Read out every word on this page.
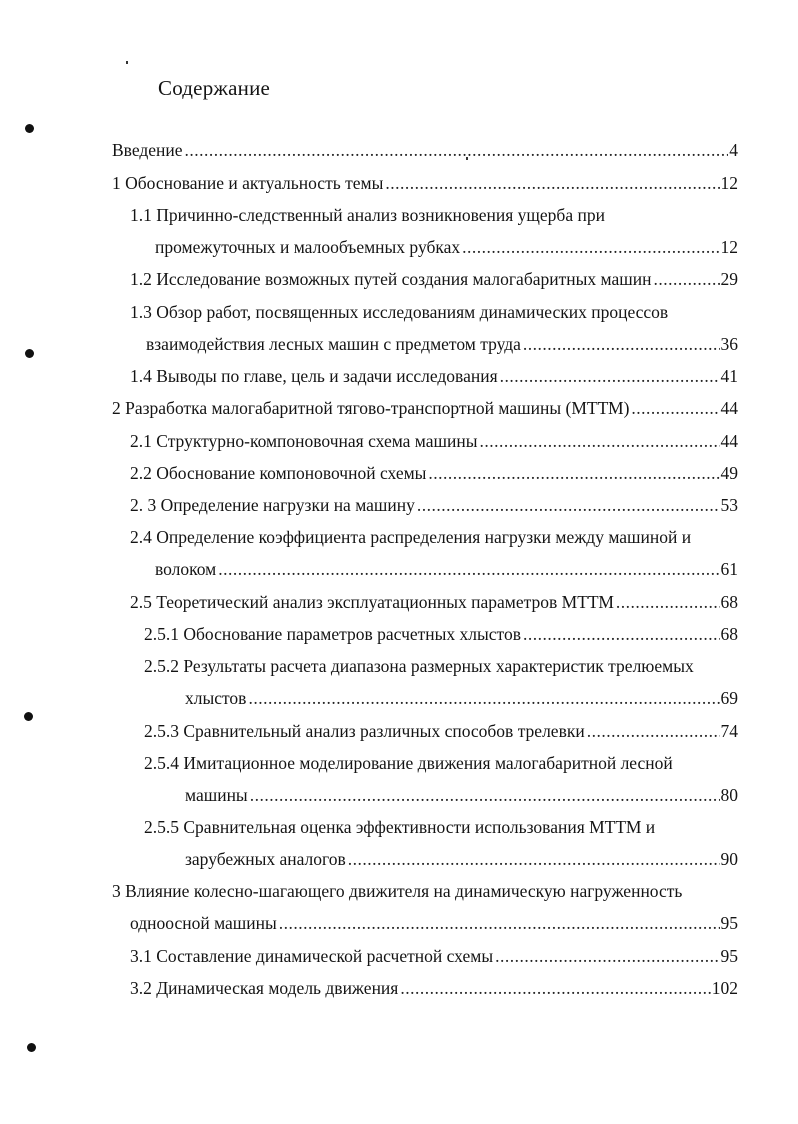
Содержание
Введение .....	4
1 Обоснование и актуальность темы .....	12
1.1 Причинно-следственный анализ возникновения ущерба при
промежуточных и малообъемных рубках .....	12
1.2 Исследование возможных путей создания малогабаритных машин .....	29
1.3 Обзор работ, посвященных исследованиям динамических процессов
взаимодействия лесных машин с предметом труда .....	36
1.4 Выводы по главе, цель и задачи исследования .....	41
2 Разработка малогабаритной тягово-транспортной машины (МТТМ) .....	44
2.1 Структурно-компоновочная схема машины .....	44
2.2 Обоснование компоновочной схемы .....	49
2. 3 Определение нагрузки на машину .....	53
2.4 Определение коэффициента распределения нагрузки между машиной и
волоком .....	61
2.5 Теоретический анализ эксплуатационных параметров МТТМ .....	68
2.5.1 Обоснование параметров расчетных хлыстов .....	68
2.5.2 Результаты расчета диапазона размерных характеристик трелюемых
хлыстов .....	69
2.5.3 Сравнительный анализ различных способов трелевки .....	74
2.5.4 Имитационное моделирование движения малогабаритной лесной
машины .....	80
2.5.5 Сравнительная оценка эффективности использования МТТМ и
зарубежных аналогов .....	90
3 Влияние колесно-шагающего движителя на динамическую нагруженность
одноосной машины .....	95
3.1 Составление динамической расчетной схемы .....	95
3.2 Динамическая модель движения .....	102
